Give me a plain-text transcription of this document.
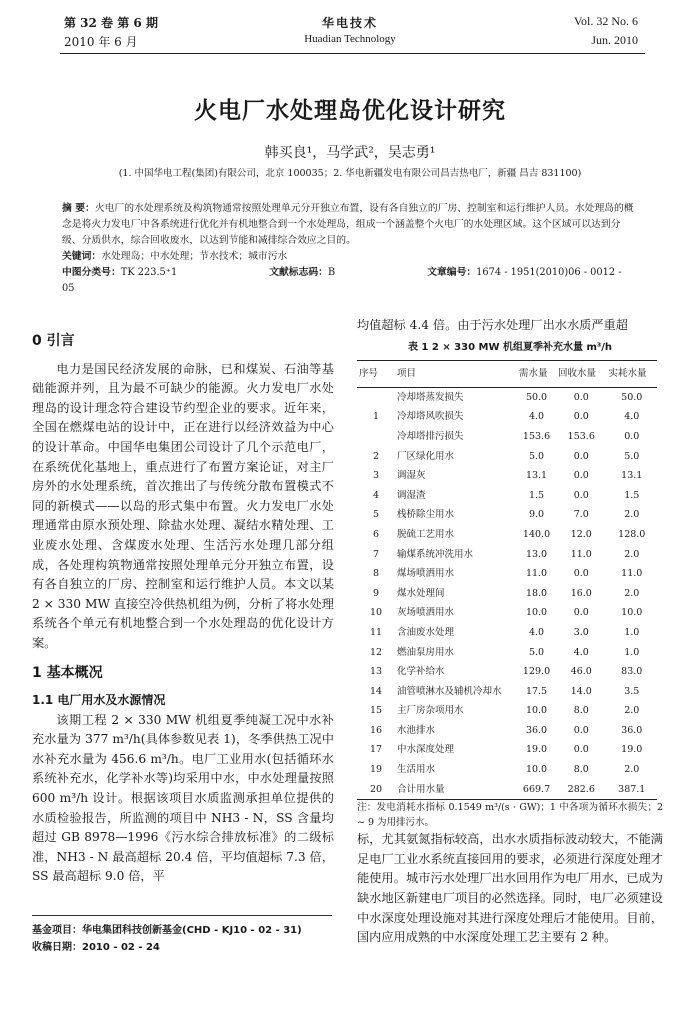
第 32 卷 第 6 期
2010 年 6 月
华电技术
Huadian Technology
Vol. 32 No. 6
Jun. 2010
火电厂水处理岛优化设计研究
韩买良¹，马学武²，吴志勇¹
(1. 中国华电工程(集团)有限公司，北京 100035；2. 华电新疆发电有限公司昌吉热电厂，新疆 昌吉 831100)

摘 要：火电厂的水处理系统及构筑物通常按照处理单元分开独立布置，设有各自独立的厂房、控制室和运行维护人员。水处理岛的概念是将火力发电厂中各系统进行优化并有机地整合到一个水处理岛，组成一个涵盖整个火电厂的水处理区域。这个区域可以达到分级、分质供水，综合回收废水，以达到节能和减排综合效应之目的。

关键词：水处理岛；中水处理；节水技术；城市污水

中图分类号：TK 223.5⁺1	文献标志码：B	文章编号：1674 - 1951(2010)06 - 0012 - 05

0 引言

电力是国民经济发展的命脉，已和煤炭、石油等基础能源并列，且为最不可缺少的能源。火力发电厂水处理岛的设计理念符合建设节约型企业的要求。近年来，全国在燃煤电站的设计中，正在进行以经济效益为中心的设计革命。中国华电集团公司设计了几个示范电厂，在系统优化基地上，重点进行了布置方案论证，对主厂房外的水处理系统，首次推出了与传统分散布置模式不同的新模式——以岛的形式集中布置。火力发电厂水处理通常由原水预处理、除盐水处理、凝结水精处理、工业废水处理、含煤废水处理、生活污水处理几部分组成，各处理构筑物通常按照处理单元分开独立布置，设有各自独立的厂房、控制室和运行维护人员。本文以某 2 × 330 MW 直接空冷供热机组为例，分析了将水处理系统各个单元有机地整合到一个水处理岛的优化设计方案。

1 基本概况
1.1 电厂用水及水源情况

该期工程 2 × 330 MW 机组夏季纯凝工况中水补充水量为 377 m³/h(具体参数见表 1)，冬季供热工况中水补充水量为 456.6 m³/h。电厂工业用水(包括循环水系统补充水，化学补水等)均采用中水，中水处理量按照 600 m³/h 设计。根据该项目水质监测承担单位提供的水质检验报告，所监测的项目中 NH3 - N，SS 含量均超过 GB 8978—1996《污水综合排放标准》的二级标准，NH3 - N 最高超标 20.4 倍，平均值超标 7.3 倍，SS 最高超标 9.0 倍，平

基金项目：华电集团科技创新基金(CHD - KJ10 - 02 - 31)
收稿日期：2010 - 02 - 24

均值超标 4.4 倍。由于污水处理厂出水水质严重超

表 1 2 × 330 MW 机组夏季补充水量 m³/h
序号	项目	需水量	回收水量	实耗水量
	冷却塔蒸发损失	50.0	0.0	50.0
1	冷却塔风吹损失	4.0	0.0	4.0
	冷却塔排污损失	153.6	153.6	0.0
2	厂区绿化用水	5.0	0.0	5.0
3	调湿灰	13.1	0.0	13.1
4	调湿渣	1.5	0.0	1.5
5	栈桥除尘用水	9.0	7.0	2.0
6	脱硫工艺用水	140.0	12.0	128.0
7	输煤系统冲洗用水	13.0	11.0	2.0
8	煤场喷洒用水	11.0	0.0	11.0
9	煤水处理间	18.0	16.0	2.0
10	灰场喷洒用水	10.0	0.0	10.0
11	含油废水处理	4.0	3.0	1.0
12	燃油泵房用水	5.0	4.0	1.0
13	化学补给水	129.0	46.0	83.0
14	油管喷淋水及辅机冷却水	17.5	14.0	3.5
15	主厂房杂项用水	10.0	8.0	2.0
16	水池排水	36.0	0.0	36.0
17	中水深度处理	19.0	0.0	19.0
19	生活用水	10.0	8.0	2.0
20	合计用水量	669.7	282.6	387.1

注：发电消耗水指标 0.1549 m³/(s · GW)；1 中各项为循环水损失；2 ~ 9 为用排污水。

标，尤其氨氮指标较高，出水水质指标波动较大，不能满足电厂工业水系统直接回用的要求，必须进行深度处理才能使用。城市污水处理厂出水回用作为电厂用水，已成为缺水地区新建电厂项目的必然选择。同时，电厂必须建设中水深度处理设施对其进行深度处理后才能使用。目前，国内应用成熟的中水深度处理工艺主要有 2 种。
